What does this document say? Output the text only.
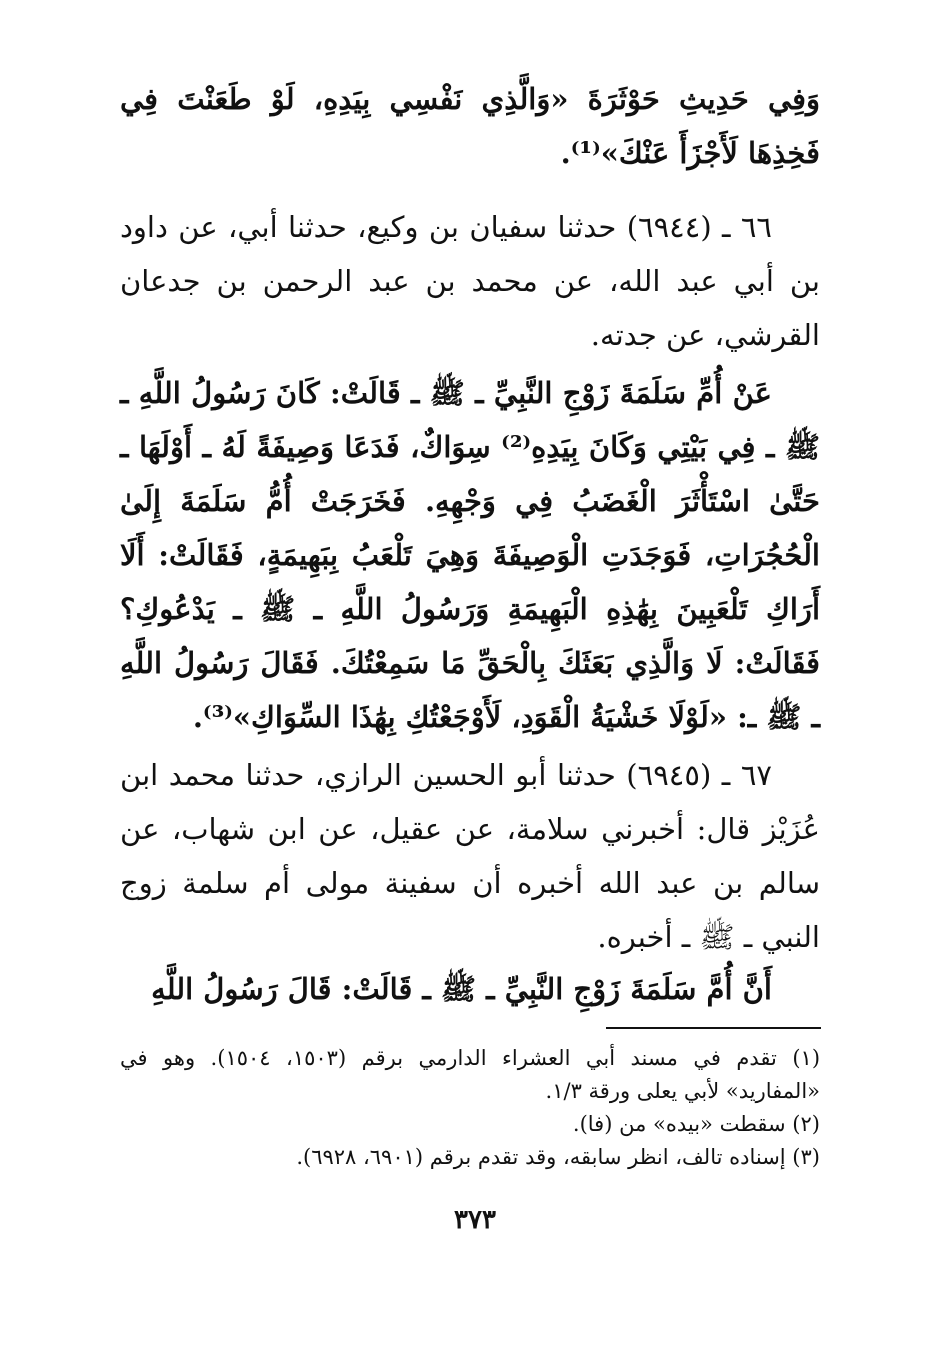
وَفِي حَدِيثِ حَوْثَرَةَ «وَالَّذِي نَفْسِي بِيَدِهِ، لَوْ طَعَنْتَ فِي فَخِذِهَا لَأَجْزَأَ عَنْكَ»⁽¹⁾.

٦٦ ـ (٦٩٤٤) حدثنا سفيان بن وكيع، حدثنا أبي، عن داود بن أبي عبد الله، عن محمد بن عبد الرحمن بن جدعان القرشي، عن جدته.

عَنْ أُمِّ سَلَمَةَ زَوْجِ النَّبِيِّ ـ ﷺ ـ قَالَتْ: كَانَ رَسُولُ اللَّهِ ـ ﷺ ـ فِي بَيْتِي وَكَانَ بِيَدِهِ⁽²⁾ سِوَاكٌ، فَدَعَا وَصِيفَةً لَهُ ـ أَوْلَهَا ـ حَتَّىٰ اسْتَأْثَرَ الْغَضَبُ فِي وَجْهِهِ. فَخَرَجَتْ أُمُّ سَلَمَةَ إِلَىٰ الْحُجُرَاتِ، فَوَجَدَتِ الْوَصِيفَةَ وَهِيَ تَلْعَبُ بِبَهِيمَةٍ، فَقَالَتْ: أَلَا أَرَاكِ تَلْعَبِينَ بِهَٰذِهِ الْبَهِيمَةِ وَرَسُولُ اللَّهِ ـ ﷺ ـ يَدْعُوكِ؟ فَقَالَتْ: لَا وَالَّذِي بَعَثَكَ بِالْحَقِّ مَا سَمِعْتُكَ. فَقَالَ رَسُولُ اللَّهِ ـ ﷺ ـ: «لَوْلَا خَشْيَةُ الْقَوَدِ، لَأَوْجَعْتُكِ بِهَٰذَا السِّوَاكِ»⁽³⁾.

٦٧ ـ (٦٩٤٥) حدثنا أبو الحسين الرازي، حدثنا محمد ابن عُزَيْز قال: أخبرني سلامة، عن عقيل، عن ابن شهاب، عن سالم بن عبد الله أخبره أن سفينة مولى أم سلمة زوج النبي ـ ﷺ ـ أخبره.

أَنَّ أُمَّ سَلَمَةَ زَوْجِ النَّبِيِّ ـ ﷺ ـ قَالَتْ: قَالَ رَسُولُ اللَّهِ

(١) تقدم في مسند أبي العشراء الدارمي برقم (١٥٠٣، ١٥٠٤). وهو في «المفاريد» لأبي يعلى ورقة ١/٣.

(٢) سقطت «بيده» من (فا).

(٣) إسناده تالف، انظر سابقه، وقد تقدم برقم (٦٩٠١، ٦٩٢٨).

٣٧٣
